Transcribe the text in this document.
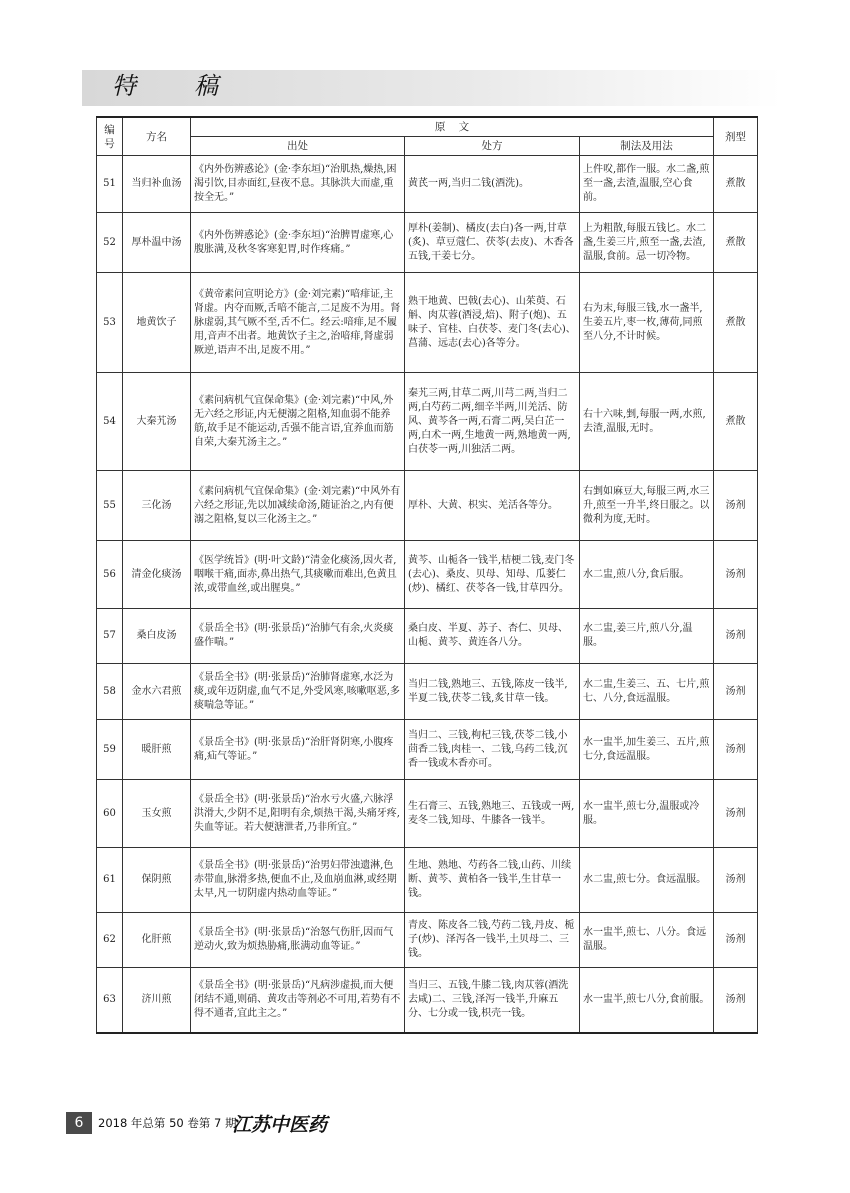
特 稿
编号	方名	原    文			剂型
		出处	处方	制法及用法	
51	当归补血汤	《内外伤辨惑论》(金·李东垣)“治肌热,燥热,困渴引饮,目赤面红,昼夜不息。其脉洪大而虚,重按全无。”	黄芪一两,当归二钱(酒洗)。	上件㕮,都作一服。水二盏,煎至一盏,去渣,温服,空心食前。	煮散
52	厚朴温中汤	《内外伤辨惑论》(金·李东垣)“治脾胃虚寒,心腹胀满,及秋冬客寒犯胃,时作疼痛。”	厚朴(姜制)、橘皮(去白)各一两,甘草(炙)、草豆蔻仁、茯苓(去皮)、木香各五钱,干姜七分。	上为粗散,每服五钱匕。水二盏,生姜三片,煎至一盏,去渣,温服,食前。忌一切冷物。	煮散
53	地黄饮子	《黄帝素问宣明论方》(金·刘完素)“喑痱证,主肾虚。内夺而厥,舌喑不能言,二足废不为用。肾脉虚弱,其气厥不至,舌不仁。经云:喑痱,足不履用,音声不出者。地黄饮子主之,治喑痱,肾虚弱厥逆,语声不出,足废不用。”	熟干地黄、巴戟(去心)、山茱萸、石斛、肉苁蓉(酒浸,焙)、附子(炮)、五味子、官桂、白茯苓、麦门冬(去心)、菖蒲、远志(去心)各等分。	右为末,每服三钱,水一盏半,生姜五片,枣一枚,薄荷,同煎至八分,不计时候。	煮散
54	大秦艽汤	《素问病机气宜保命集》(金·刘完素)“中风,外无六经之形证,内无便溺之阻格,知血弱不能养筋,故手足不能运动,舌强不能言语,宜养血而筋自荣,大秦艽汤主之。”	秦艽三两,甘草二两,川芎二两,当归二两,白芍药二两,细辛半两,川羌活、防风、黄芩各一两,石膏二两,吴白芷一两,白术一两,生地黄一两,熟地黄一两,白茯苓一两,川独活二两。	右十六味,剉,每服一两,水煎,去渣,温服,无时。	煮散
55	三化汤	《素问病机气宜保命集》(金·刘完素)“中风外有六经之形证,先以加减续命汤,随证治之,内有便溺之阻格,复以三化汤主之。”	厚朴、大黄、枳实、羌活各等分。	右剉如麻豆大,每服三两,水三升,煎至一升半,终日服之。以微利为度,无时。	汤剂
56	清金化痰汤	《医学统旨》(明·叶文龄)“清金化痰汤,因火者,咽喉干痛,面赤,鼻出热气,其痰嗽而难出,色黄且浓,或带血丝,或出腥臭。”	黄芩、山栀各一钱半,桔梗二钱,麦门冬(去心)、桑皮、贝母、知母、瓜蒌仁(炒)、橘红、茯苓各一钱,甘草四分。	水二盅,煎八分,食后服。	汤剂
57	桑白皮汤	《景岳全书》(明·张景岳)“治肺气有余,火炎痰盛作喘。”	桑白皮、半夏、苏子、杏仁、贝母、山栀、黄芩、黄连各八分。	水二盅,姜三片,煎八分,温服。	汤剂
58	金水六君煎	《景岳全书》(明·张景岳)“治肺肾虚寒,水泛为痰,或年迈阴虚,血气不足,外受风寒,咳嗽呕恶,多痰喘急等证。”	当归二钱,熟地三、五钱,陈皮一钱半,半夏二钱,茯苓二钱,炙甘草一钱。	水二盅,生姜三、五、七片,煎七、八分,食远温服。	汤剂
59	暖肝煎	《景岳全书》(明·张景岳)“治肝肾阴寒,小腹疼痛,疝气等证。”	当归二、三钱,枸杞三钱,茯苓二钱,小茴香二钱,肉桂一、二钱,乌药二钱,沉香一钱或木香亦可。	水一盅半,加生姜三、五片,煎七分,食远温服。	汤剂
60	玉女煎	《景岳全书》(明·张景岳)“治水亏火盛,六脉浮洪滑大,少阴不足,阳明有余,烦热干渴,头痛牙疼,失血等证。若大便溏泄者,乃非所宜。”	生石膏三、五钱,熟地三、五钱或一两,麦冬二钱,知母、牛膝各一钱半。	水一盅半,煎七分,温服或冷服。	汤剂
61	保阴煎	《景岳全书》(明·张景岳)“治男妇带浊遗淋,色赤带血,脉滑多热,便血不止,及血崩血淋,或经期太早,凡一切阴虚内热动血等证。”	生地、熟地、芍药各二钱,山药、川续断、黄芩、黄柏各一钱半,生甘草一钱。	水二盅,煎七分。食远温服。	汤剂
62	化肝煎	《景岳全书》(明·张景岳)“治怒气伤肝,因而气逆动火,致为烦热胁痛,胀满动血等证。”	青皮、陈皮各二钱,芍药二钱,丹皮、栀子(炒)、泽泻各一钱半,土贝母二、三钱。	水一盅半,煎七、八分。食远温服。	汤剂
63	济川煎	《景岳全书》(明·张景岳)“凡病涉虚损,而大便闭结不通,则硝、黄攻击等剂必不可用,若势有不得不通者,宜此主之。”	当归三、五钱,牛膝二钱,肉苁蓉(酒洗去咸)二、三钱,泽泻一钱半,升麻五分、七分或一钱,枳壳一钱。	水一盅半,煎七八分,食前服。	汤剂
6	2018 年总第 50 卷第 7 期
江苏中医药
